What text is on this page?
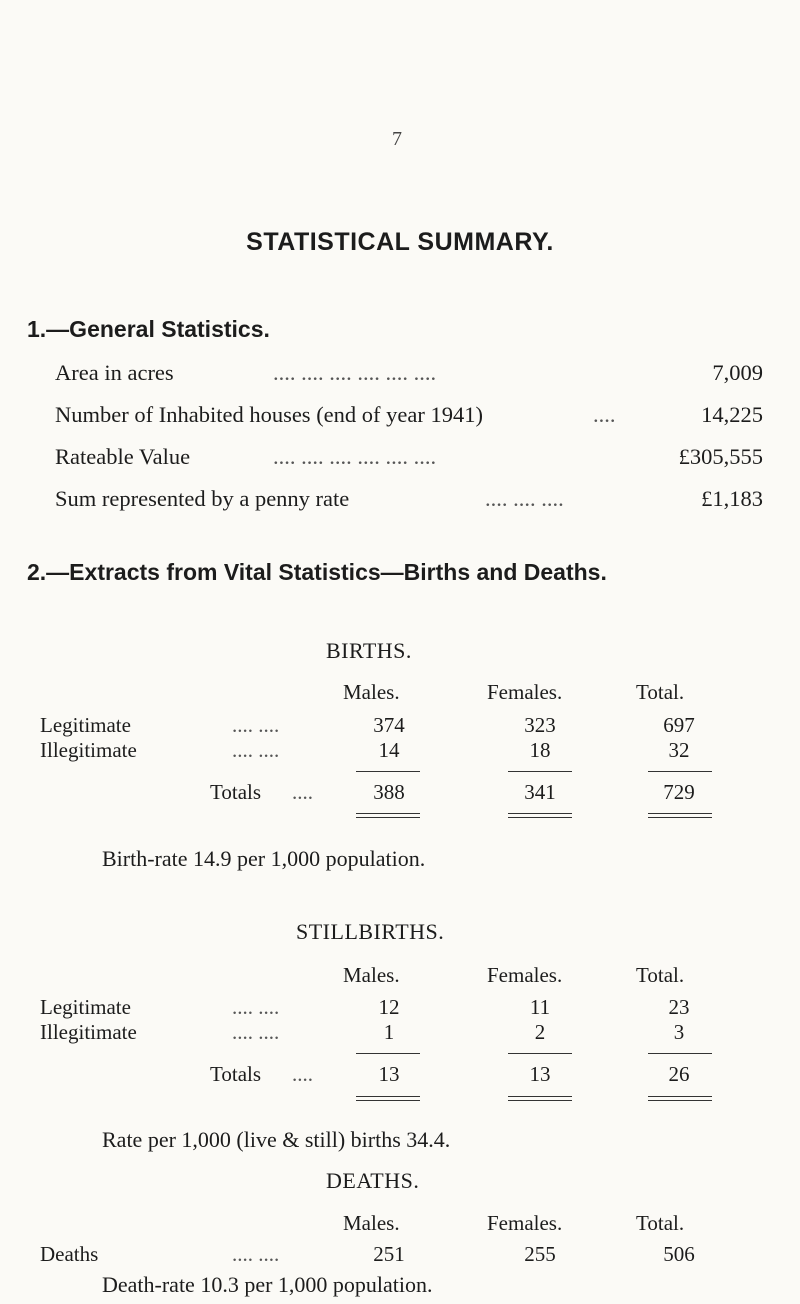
7
STATISTICAL SUMMARY.
1.—General Statistics.
Area in acres	.... .... .... .... .... ....	7,009
Number of Inhabited houses (end of year 1941)	....	14,225
Rateable Value	.... .... .... .... .... ....	£305,555
Sum represented by a penny rate	.... .... ....	£1,183
2.—Extracts from Vital Statistics—Births and Deaths.
BIRTHS.
Males.	Females.	Total.
Legitimate	.... ....	374	323	697
Illegitimate	.... ....	14	18	32
Totals ....	388	341	729
Birth-rate 14.9 per 1,000 population.
STILLBIRTHS.
Males.	Females.	Total.
Legitimate	.... ....	12	11	23
Illegitimate	.... ....	1	2	3
Totals ....	13	13	26
Rate per 1,000 (live & still) births 34.4.
DEATHS.
Males.	Females.	Total.
Deaths	.... ....	251	255	506
Death-rate 10.3 per 1,000 population.
